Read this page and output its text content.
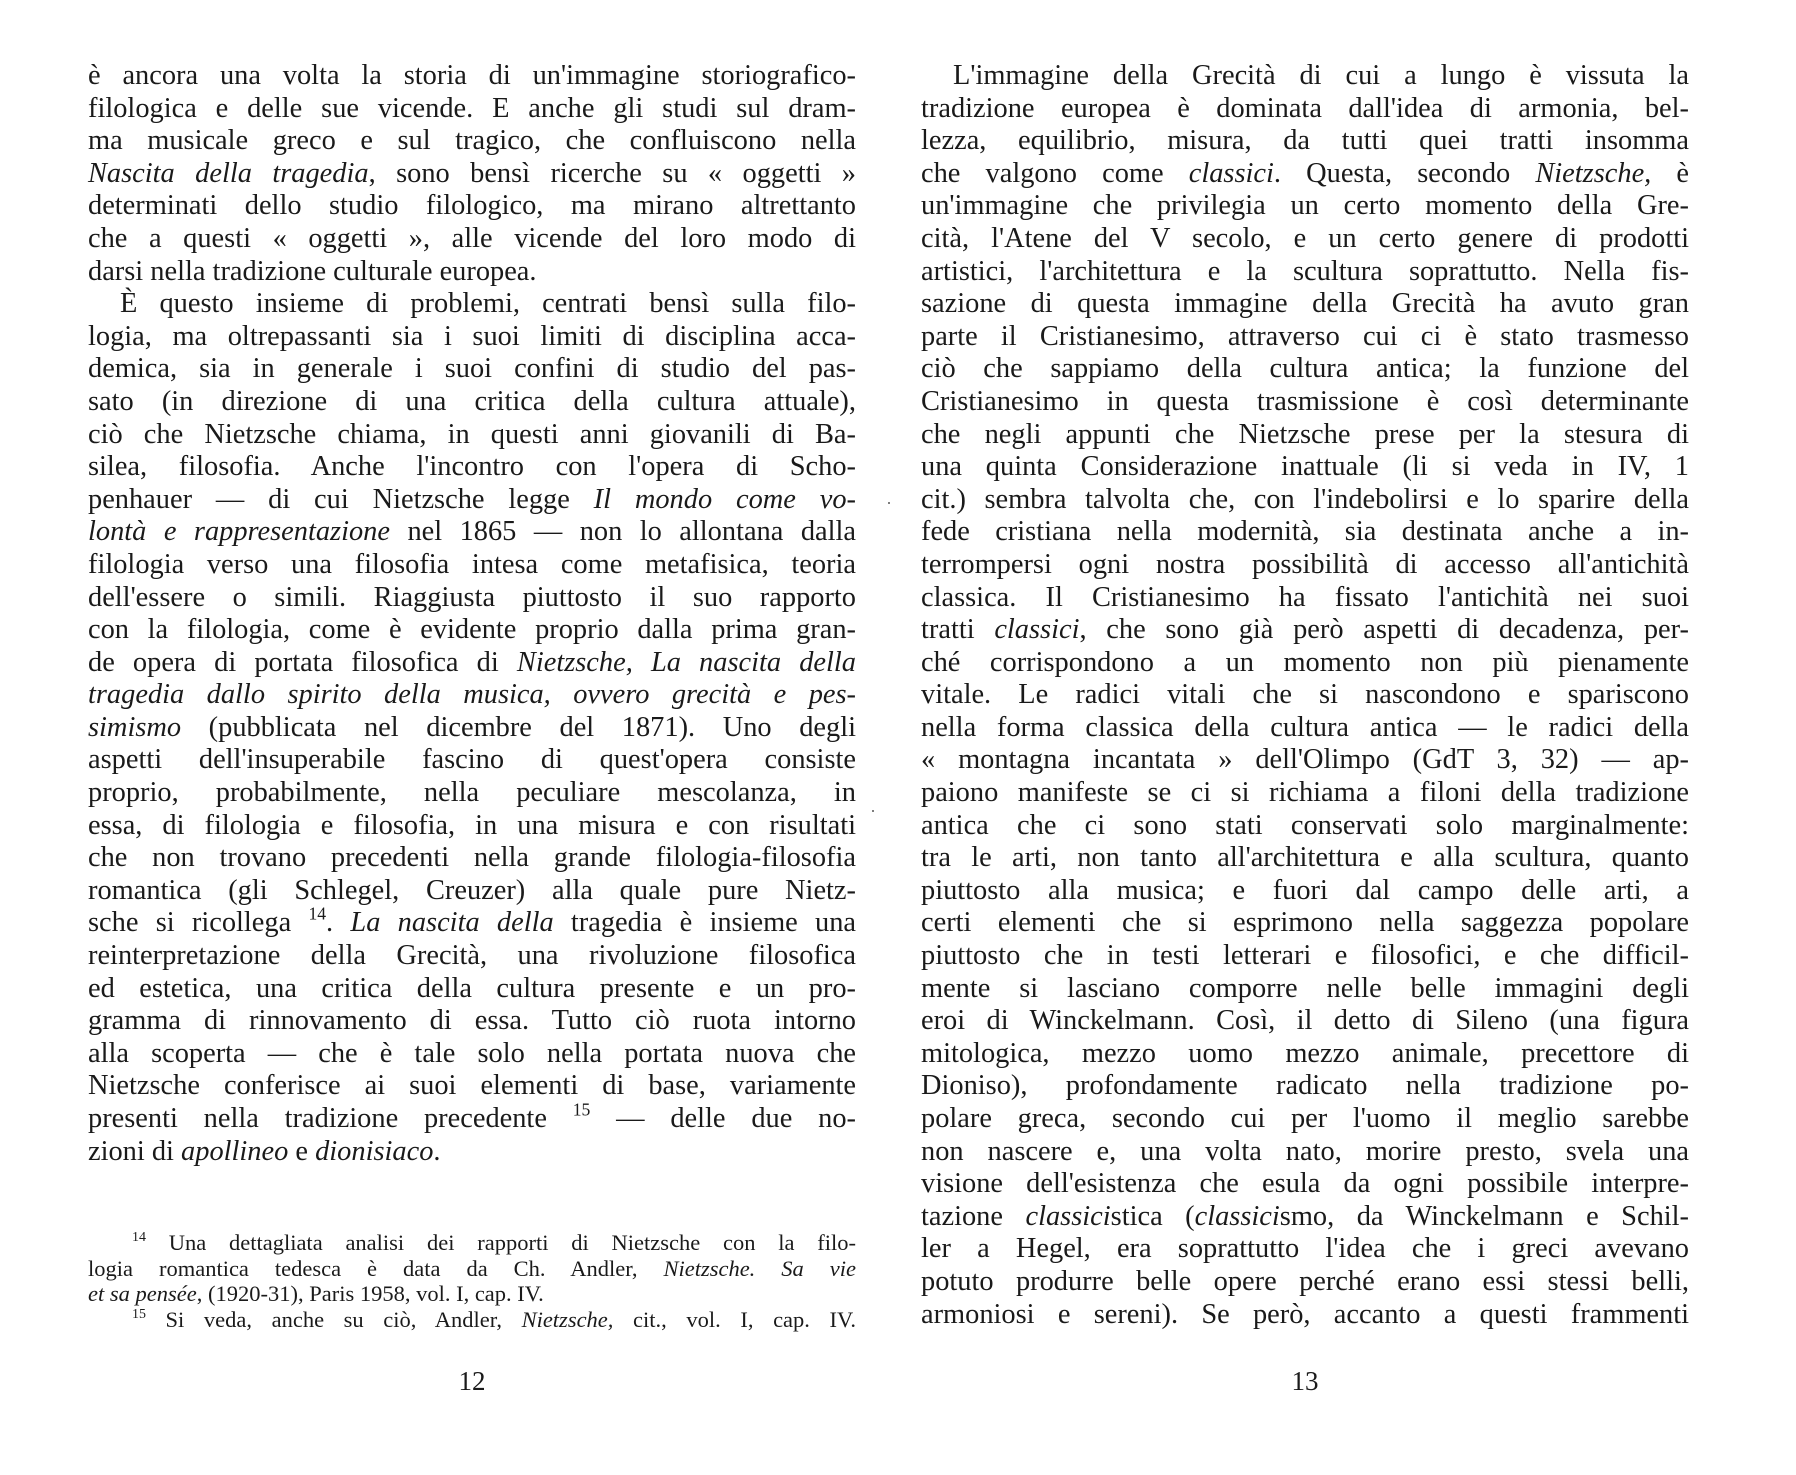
è ancora una volta la storia di un'immagine storiografico-
filologica e delle sue vicende. E anche gli studi sul dram-
ma musicale greco e sul tragico, che confluiscono nella
Nascita della tragedia, sono bensì ricerche su « oggetti »
determinati dello studio filologico, ma mirano altrettanto
che a questi « oggetti », alle vicende del loro modo di
darsi nella tradizione culturale europea.
È questo insieme di problemi, centrati bensì sulla filo-
logia, ma oltrepassanti sia i suoi limiti di disciplina acca-
demica, sia in generale i suoi confini di studio del pas-
sato (in direzione di una critica della cultura attuale),
ciò che Nietzsche chiama, in questi anni giovanili di Ba-
silea, filosofia. Anche l'incontro con l'opera di Scho-
penhauer — di cui Nietzsche legge Il mondo come vo-
lontà e rappresentazione nel 1865 — non lo allontana dalla
filologia verso una filosofia intesa come metafisica, teoria
dell'essere o simili. Riaggiusta piuttosto il suo rapporto
con la filologia, come è evidente proprio dalla prima gran-
de opera di portata filosofica di Nietzsche, La nascita della
tragedia dallo spirito della musica, ovvero grecità e pes-
simismo (pubblicata nel dicembre del 1871). Uno degli
aspetti dell'insuperabile fascino di quest'opera consiste
proprio, probabilmente, nella peculiare mescolanza, in
essa, di filologia e filosofia, in una misura e con risultati
che non trovano precedenti nella grande filologia-filosofia
romantica (gli Schlegel, Creuzer) alla quale pure Nietz-
sche si ricollega $^{14}$. La nascita della tragedia è insieme una
reinterpretazione della Grecità, una rivoluzione filosofica
ed estetica, una critica della cultura presente e un pro-
gramma di rinnovamento di essa. Tutto ciò ruota intorno
alla scoperta — che è tale solo nella portata nuova che
Nietzsche conferisce ai suoi elementi di base, variamente
presenti nella tradizione precedente $^{15}$ — delle due no-
zioni di apollineo e dionisiaco.
$^{14}$ Una dettagliata analisi dei rapporti di Nietzsche con la filo-
logia romantica tedesca è data da Ch. Andler, Nietzsche. Sa vie
et sa pensée, (1920-31), Paris 1958, vol. I, cap. IV.
$^{15}$ Si veda, anche su ciò, Andler, Nietzsche, cit., vol. I, cap. IV.
12
L'immagine della Grecità di cui a lungo è vissuta la
tradizione europea è dominata dall'idea di armonia, bel-
lezza, equilibrio, misura, da tutti quei tratti insomma
che valgono come classici. Questa, secondo Nietzsche, è
un'immagine che privilegia un certo momento della Gre-
cità, l'Atene del V secolo, e un certo genere di prodotti
artistici, l'architettura e la scultura soprattutto. Nella fis-
sazione di questa immagine della Grecità ha avuto gran
parte il Cristianesimo, attraverso cui ci è stato trasmesso
ciò che sappiamo della cultura antica; la funzione del
Cristianesimo in questa trasmissione è così determinante
che negli appunti che Nietzsche prese per la stesura di
una quinta Considerazione inattuale (li si veda in IV, 1
cit.) sembra talvolta che, con l'indebolirsi e lo sparire della
fede cristiana nella modernità, sia destinata anche a in-
terrompersi ogni nostra possibilità di accesso all'antichità
classica. Il Cristianesimo ha fissato l'antichità nei suoi
tratti classici, che sono già però aspetti di decadenza, per-
ché corrispondono a un momento non più pienamente
vitale. Le radici vitali che si nascondono e spariscono
nella forma classica della cultura antica — le radici della
« montagna incantata » dell'Olimpo (GdT 3, 32) — ap-
paiono manifeste se ci si richiama a filoni della tradizione
antica che ci sono stati conservati solo marginalmente:
tra le arti, non tanto all'architettura e alla scultura, quanto
piuttosto alla musica; e fuori dal campo delle arti, a
certi elementi che si esprimono nella saggezza popolare
piuttosto che in testi letterari e filosofici, e che difficil-
mente si lasciano comporre nelle belle immagini degli
eroi di Winckelmann. Così, il detto di Sileno (una figura
mitologica, mezzo uomo mezzo animale, precettore di
Dioniso), profondamente radicato nella tradizione po-
polare greca, secondo cui per l'uomo il meglio sarebbe
non nascere e, una volta nato, morire presto, svela una
visione dell'esistenza che esula da ogni possibile interpre-
tazione classicistica (classicismo, da Winckelmann e Schil-
ler a Hegel, era soprattutto l'idea che i greci avevano
potuto produrre belle opere perché erano essi stessi belli,
armoniosi e sereni). Se però, accanto a questi frammenti
13
